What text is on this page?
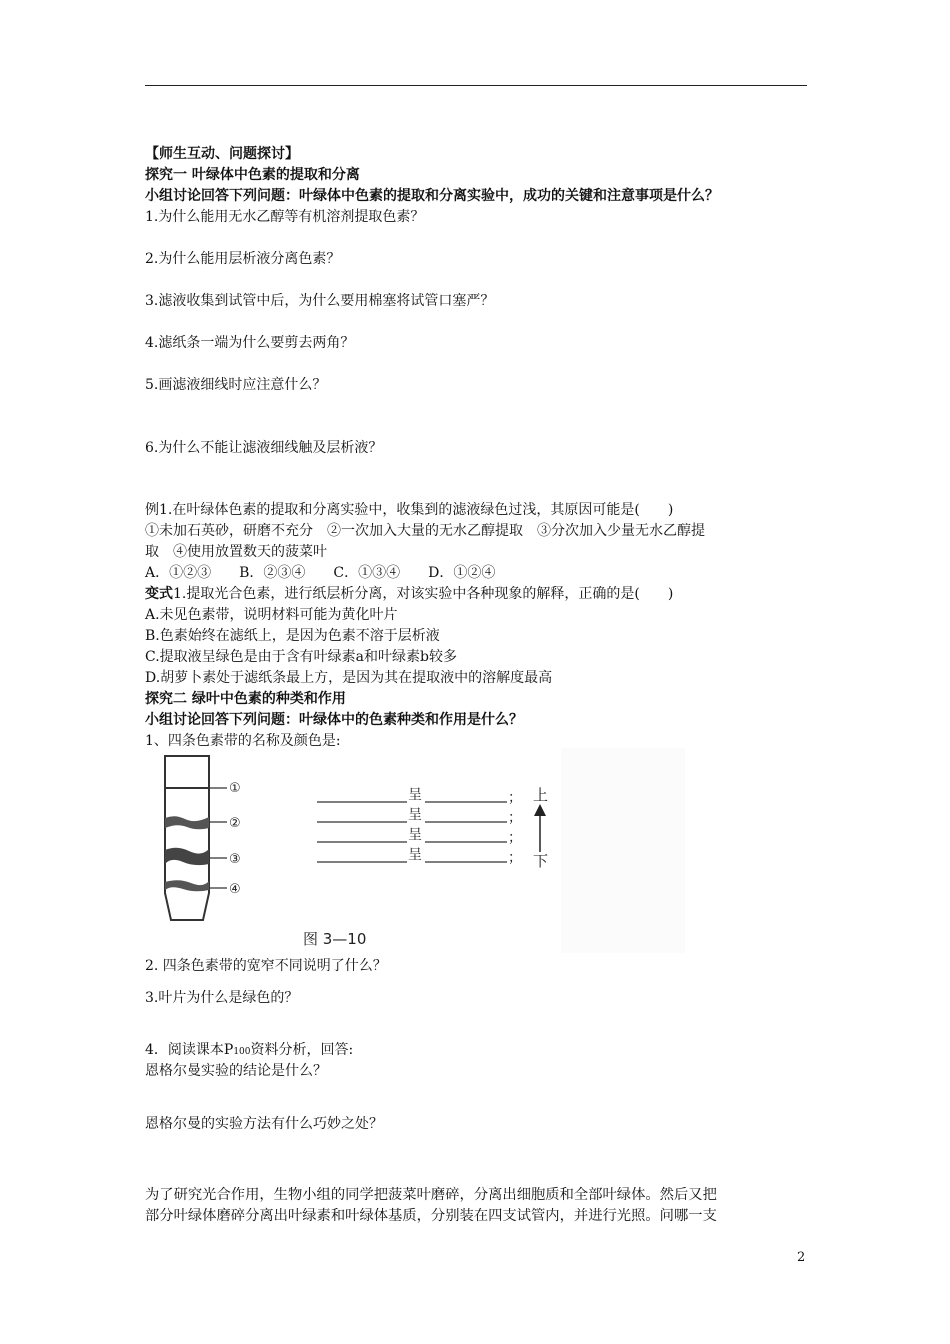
【师生互动、问题探讨】
探究一 叶绿体中色素的提取和分离
小组讨论回答下列问题：叶绿体中色素的提取和分离实验中，成功的关键和注意事项是什么？
1.为什么能用无水乙醇等有机溶剂提取色素？
2.为什么能用层析液分离色素？
3.滤液收集到试管中后，为什么要用棉塞将试管口塞严？
4.滤纸条一端为什么要剪去两角？
5.画滤液细线时应注意什么？
6.为什么不能让滤液细线触及层析液？
例1.在叶绿体色素的提取和分离实验中，收集到的滤液绿色过浅，其原因可能是(　　)
①未加石英砂，研磨不充分　②一次加入大量的无水乙醇提取　③分次加入少量无水乙醇提
取　④使用放置数天的菠菜叶
A．①②③　　B．②③④　　C．①③④　　D．①②④
变式1.提取光合色素，进行纸层析分离，对该实验中各种现象的解释，正确的是(　　)
A.未见色素带，说明材料可能为黄化叶片
B.色素始终在滤纸上，是因为色素不溶于层析液
C.提取液呈绿色是由于含有叶绿素a和叶绿素b较多
D.胡萝卜素处于滤纸条最上方，是因为其在提取液中的溶解度最高
探究二 绿叶中色素的种类和作用
小组讨论回答下列问题：叶绿体中的色素种类和作用是什么？
1、四条色素带的名称及颜色是:
①
②
③
④
呈
呈
呈
呈
；
；
；
；
上
下
图 3—10
2. 四条色素带的宽窄不同说明了什么？
3.叶片为什么是绿色的？
4．阅读课本P100资料分析，回答:
恩格尔曼实验的结论是什么？
恩格尔曼的实验方法有什么巧妙之处？
为了研究光合作用，生物小组的同学把菠菜叶磨碎，分离出细胞质和全部叶绿体。然后又把
部分叶绿体磨碎分离出叶绿素和叶绿体基质，分别装在四支试管内，并进行光照。问哪一支
2
